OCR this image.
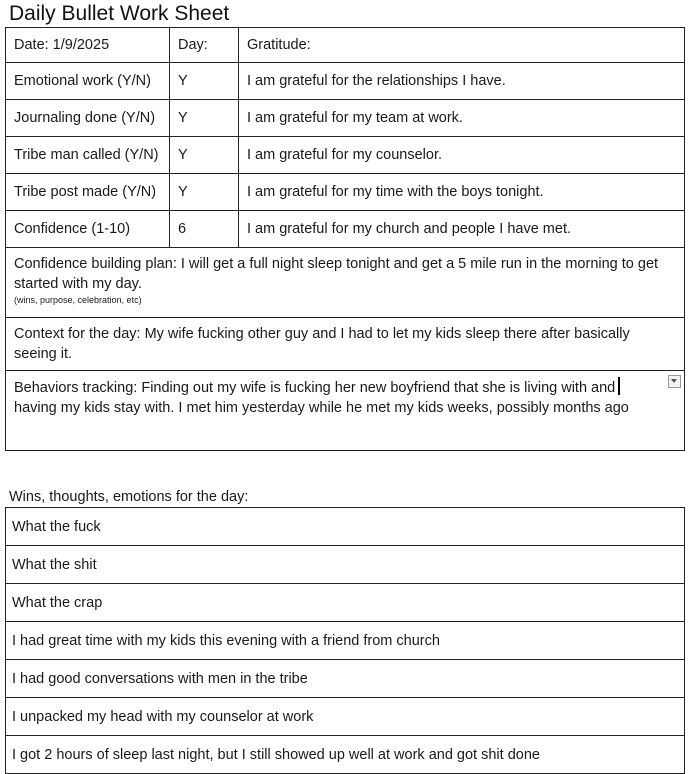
Daily Bullet Work Sheet
Date: 1/9/2025	Day:	Gratitude:
Emotional work (Y/N)	Y	I am grateful for the relationships I have.
Journaling done (Y/N)	Y	I am grateful for my team at work.
Tribe man called (Y/N)	Y	I am grateful for my counselor.
Tribe post made (Y/N)	Y	I am grateful for my time with the boys tonight.
Confidence (1-10)	6	I am grateful for my church and people I have met.
Confidence building plan: I will get a full night sleep tonight and get a 5 mile run in the morning to get started with my day.
(wins, purpose, celebration, etc)		

Context for the day: My wife fucking other guy and I had to let my kids sleep there after basically seeing it.		
Behaviors tracking: Finding out my wife is fucking her new boyfriend that she is living with and
having my kids stay with. I met him yesterday while he met my kids weeks, possibly months ago		
Wins, thoughts, emotions for the day:
What the fuck
What the shit
What the crap
I had great time with my kids this evening with a friend from church
I had good conversations with men in the tribe
I unpacked my head with my counselor at work
I got 2 hours of sleep last night, but I still showed up well at work and got shit done
